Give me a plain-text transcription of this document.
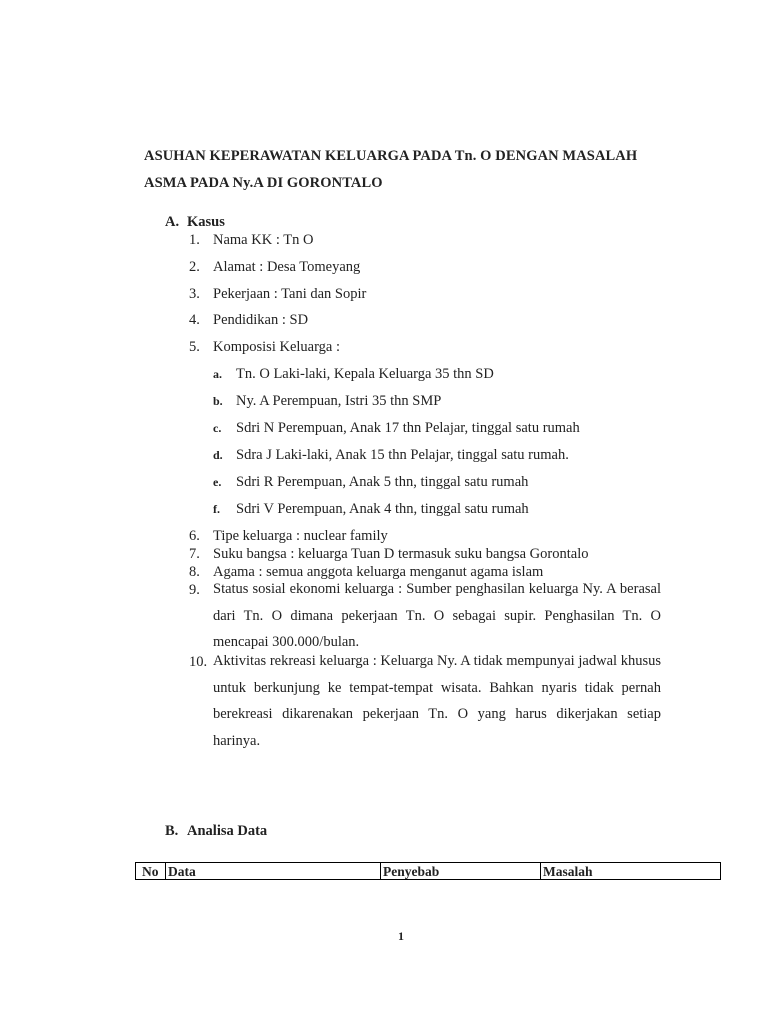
ASUHAN KEPERAWATAN KELUARGA PADA Tn. O DENGAN MASALAH
ASMA PADA Ny.A DI GORONTALO
A. Kasus
1. Nama KK : Tn O
2. Alamat : Desa Tomeyang
3. Pekerjaan : Tani dan Sopir
4. Pendidikan : SD
5. Komposisi Keluarga :
a. Tn. O Laki-laki, Kepala Keluarga 35 thn SD
b. Ny. A Perempuan, Istri 35 thn SMP
c. Sdri N Perempuan, Anak 17 thn Pelajar, tinggal satu rumah
d. Sdra J Laki-laki, Anak 15 thn Pelajar, tinggal satu rumah.
e. Sdri R Perempuan, Anak 5 thn, tinggal satu rumah
f. Sdri V Perempuan, Anak 4 thn, tinggal satu rumah
6. Tipe keluarga : nuclear family
7. Suku bangsa : keluarga Tuan D termasuk suku bangsa Gorontalo
8. Agama : semua anggota keluarga menganut agama islam
9. Status sosial ekonomi keluarga : Sumber penghasilan keluarga Ny. A berasal dari Tn. O dimana pekerjaan Tn. O sebagai supir. Penghasilan Tn. O mencapai 300.000/bulan.
10. Aktivitas rekreasi keluarga : Keluarga Ny. A tidak mempunyai jadwal khusus untuk berkunjung ke tempat-tempat wisata. Bahkan nyaris tidak pernah berekreasi dikarenakan pekerjaan Tn. O yang harus dikerjakan setiap harinya.
B. Analisa Data
No Data	Penyebab	Masalah
1
